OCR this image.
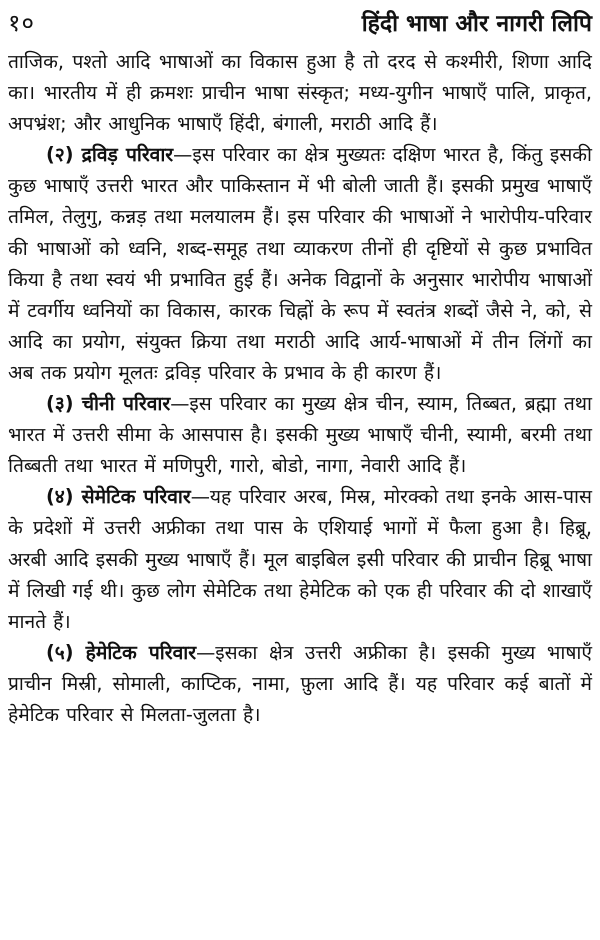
१०	हिंदी भाषा और नागरी लिपि

ताजिक, पश्तो आदि भाषाओं का विकास हुआ है तो दरद से कश्मीरी, शिणा आदि का। भारतीय में ही क्रमशः प्राचीन भाषा संस्कृत; मध्य-युगीन भाषाएँ पालि, प्राकृत, अपभ्रंश; और आधुनिक भाषाएँ हिंदी, बंगाली, मराठी आदि हैं।

(२) द्रविड़ परिवार—इस परिवार का क्षेत्र मुख्यतः दक्षिण भारत है, किंतु इसकी कुछ भाषाएँ उत्तरी भारत और पाकिस्तान में भी बोली जाती हैं। इसकी प्रमुख भाषाएँ तमिल, तेलुगु, कन्नड़ तथा मलयालम हैं। इस परिवार की भाषाओं ने भारोपीय-परिवार की भाषाओं को ध्वनि, शब्द-समूह तथा व्याकरण तीनों ही दृष्टियों से कुछ प्रभावित किया है तथा स्वयं भी प्रभावित हुई हैं। अनेक विद्वानों के अनुसार भारोपीय भाषाओं में टवर्गीय ध्वनियों का विकास, कारक चिह्नों के रूप में स्वतंत्र शब्दों जैसे ने, को, से आदि का प्रयोग, संयुक्त क्रिया तथा मराठी आदि आर्य-भाषाओं में तीन लिंगों का अब तक प्रयोग मूलतः द्रविड़ परिवार के प्रभाव के ही कारण हैं।

(३) चीनी परिवार—इस परिवार का मुख्य क्षेत्र चीन, स्याम, तिब्बत, ब्रह्मा तथा भारत में उत्तरी सीमा के आसपास है। इसकी मुख्य भाषाएँ चीनी, स्यामी, बरमी तथा तिब्बती तथा भारत में मणिपुरी, गारो, बोडो, नागा, नेवारी आदि हैं।

(४) सेमेटिक परिवार—यह परिवार अरब, मिस्र, मोरक्को तथा इनके आस-पास के प्रदेशों में उत्तरी अफ्रीका तथा पास के एशियाई भागों में फैला हुआ है। हिब्रू, अरबी आदि इसकी मुख्य भाषाएँ हैं। मूल बाइबिल इसी परिवार की प्राचीन हिब्रू भाषा में लिखी गई थी। कुछ लोग सेमेटिक तथा हेमेटिक को एक ही परिवार की दो शाखाएँ मानते हैं।

(५) हेमेटिक परिवार—इसका क्षेत्र उत्तरी अफ्रीका है। इसकी मुख्य भाषाएँ प्राचीन मिस्री, सोमाली, काप्टिक, नामा, फ़ुला आदि हैं। यह परिवार कई बातों में हेमेटिक परिवार से मिलता-जुलता है।
